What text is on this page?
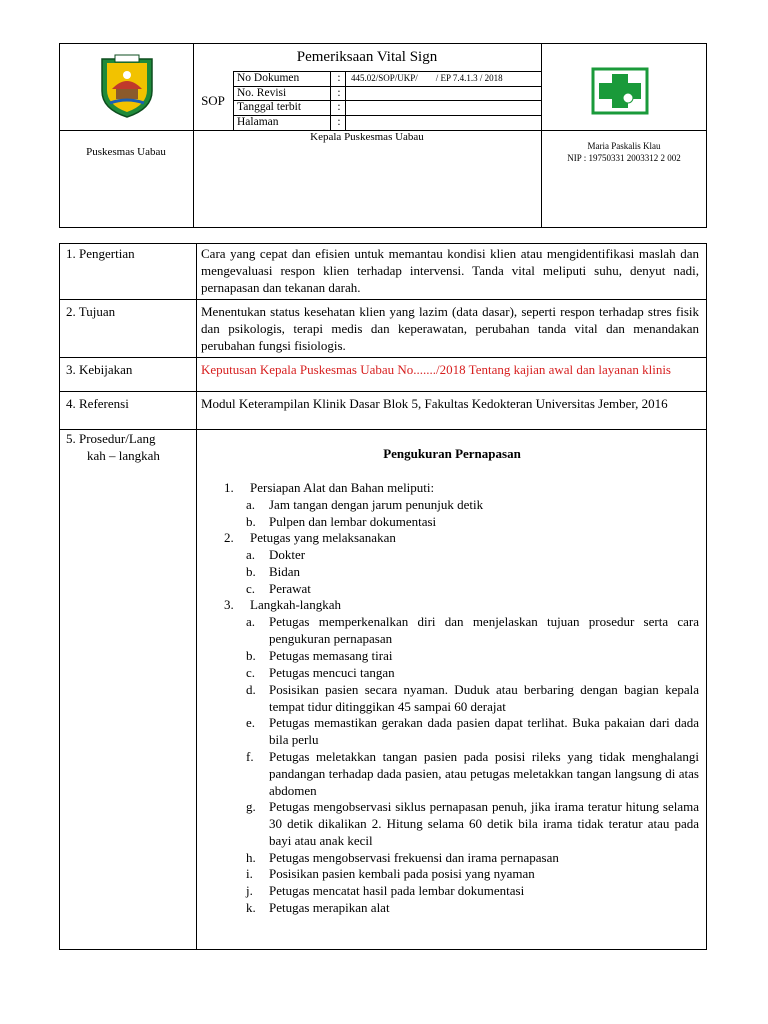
Pemeriksaan Vital Sign
SOP
No Dokumen	:	445.02/SOP/UKP/        / EP 7.4.1.3 / 2018
No. Revisi	:
Tanggal terbit	:
Halaman	:
Kepala Puskesmas Uabau
Puskesmas Uabau	Maria Paskalis Klau
NIP : 19750331 2003312 2 002
1. Pengertian	Cara yang cepat dan efisien untuk memantau kondisi klien atau mengidentifikasi maslah dan mengevaluasi respon klien terhadap intervensi. Tanda vital meliputi suhu, denyut nadi, pernapasan dan tekanan darah.
2. Tujuan	Menentukan status kesehatan klien yang lazim (data dasar), seperti respon terhadap stres fisik dan psikologis, terapi medis dan keperawatan, perubahan tanda vital dan menandakan perubahan fungsi fisiologis.
3. Kebijakan	Keputusan Kepala Puskesmas Uabau No......./2018 Tentang kajian awal dan layanan klinis
4. Referensi	Modul Keterampilan Klinik Dasar Blok 5, Fakultas Kedokteran Universitas Jember, 2016
5. Prosedur/Lang
kah – langkah	Pengukuran Pernapasan
1. Persiapan Alat dan Bahan meliputi:
a. Jam tangan dengan jarum penunjuk detik
b. Pulpen dan lembar dokumentasi
2. Petugas yang melaksanakan
a. Dokter
b. Bidan
c. Perawat
3. Langkah-langkah
a. Petugas memperkenalkan diri dan menjelaskan tujuan prosedur serta cara pengukuran pernapasan
b. Petugas memasang tirai
c. Petugas mencuci tangan
d. Posisikan pasien secara nyaman. Duduk atau berbaring dengan bagian kepala tempat tidur ditinggikan 45 sampai 60 derajat
e. Petugas memastikan gerakan dada pasien dapat terlihat. Buka pakaian dari dada bila perlu
f. Petugas meletakkan tangan pasien pada posisi rileks yang tidak menghalangi pandangan terhadap dada pasien, atau petugas meletakkan tangan langsung di atas abdomen
g. Petugas mengobservasi siklus pernapasan penuh, jika irama teratur hitung selama 30 detik dikalikan 2. Hitung selama 60 detik bila irama tidak teratur atau pada bayi atau anak kecil
h. Petugas mengobservasi frekuensi dan irama pernapasan
i. Posisikan pasien kembali pada posisi yang nyaman
j. Petugas mencatat hasil pada lembar dokumentasi
k. Petugas merapikan alat
